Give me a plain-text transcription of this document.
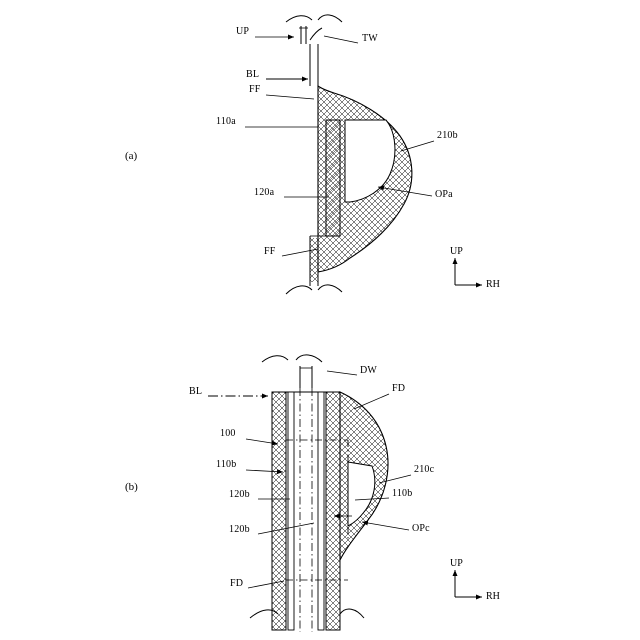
(a)
UP
TW
BL
FF
110a
210b
120a	OPa
FF	UP
RH
(b)
DW
FD
BL
100
110b	210c
120b	110b
120b	OPc
FD
UP
RH
